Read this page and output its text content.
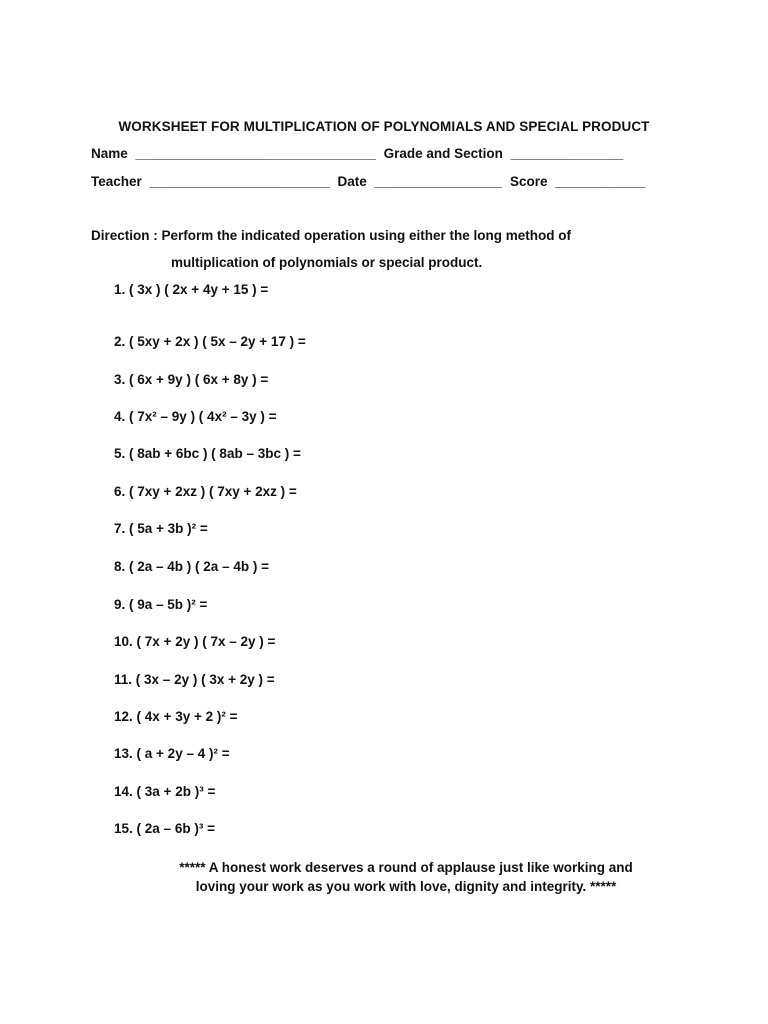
WORKSHEET FOR MULTIPLICATION OF POLYNOMIALS AND SPECIAL PRODUCT
Name ________________________________ Grade and Section _______________
Teacher ________________________ Date _________________ Score ____________
Direction : Perform the indicated operation using either the long method of
multiplication of polynomials or special product.
1. ( 3x ) ( 2x + 4y + 15 ) =
2. ( 5xy + 2x ) ( 5x – 2y + 17 ) =
3. ( 6x + 9y ) ( 6x + 8y ) =
4. ( 7x² – 9y ) ( 4x² – 3y ) =
5. ( 8ab + 6bc ) ( 8ab – 3bc ) =
6. ( 7xy + 2xz ) ( 7xy + 2xz ) =
7. ( 5a + 3b )² =
8. ( 2a – 4b ) ( 2a – 4b ) =
9. ( 9a – 5b )² =
10. ( 7x + 2y ) ( 7x – 2y ) =
11. ( 3x – 2y ) ( 3x + 2y ) =
12. ( 4x + 3y + 2 )² =
13. ( a + 2y – 4 )² =
14. ( 3a + 2b )³ =
15. ( 2a – 6b )³ =
***** A honest work deserves a round of applause just like working and
loving your work as you work with love, dignity and integrity. *****
